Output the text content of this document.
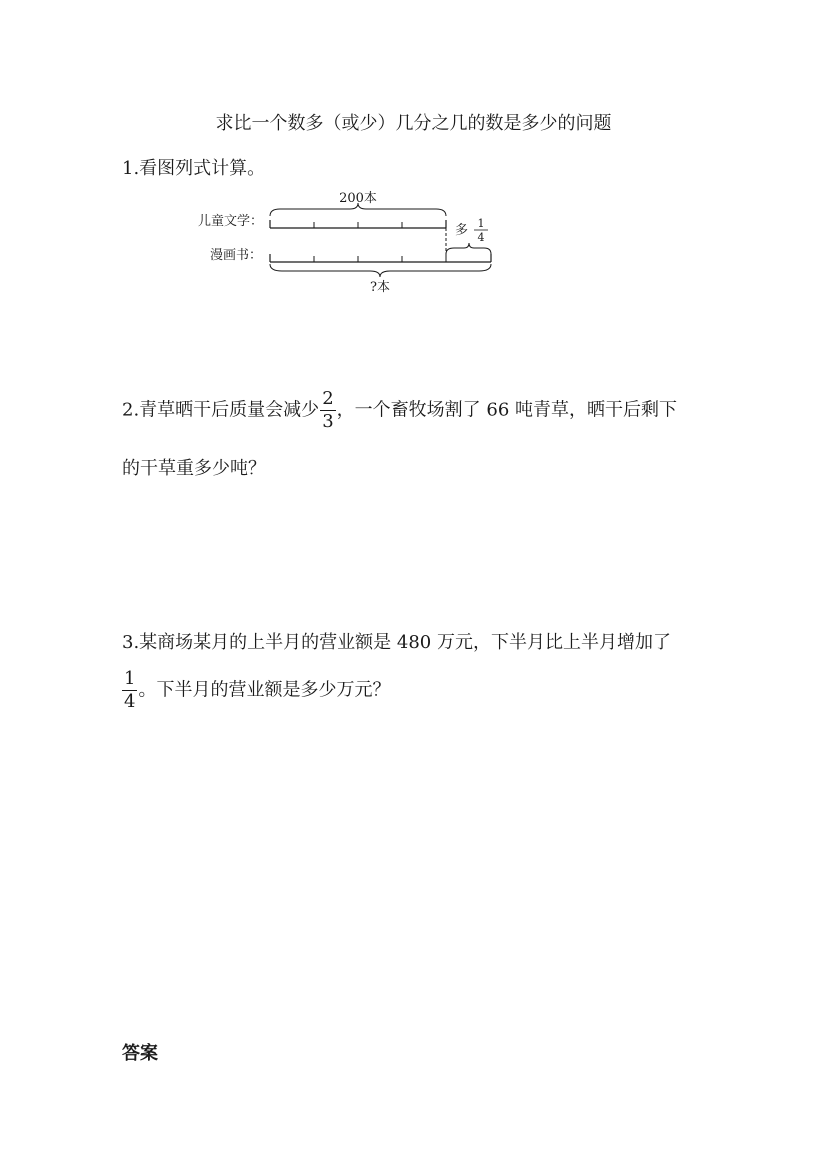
求比一个数多（或少）几分之几的数是多少的问题
1.看图列式计算。
200本
儿童文学：
多 1
4
漫画书：
?本
2.青草晒干后质量会减少 $\frac{2}{3}$ ，一个畜牧场割了 66 吨青草，晒干后剩下
的干草重多少吨？
3.某商场某月的上半月的营业额是 480 万元，下半月比上半月增加了
$\frac{1}{4}$ 。下半月的营业额是多少万元？
答案
